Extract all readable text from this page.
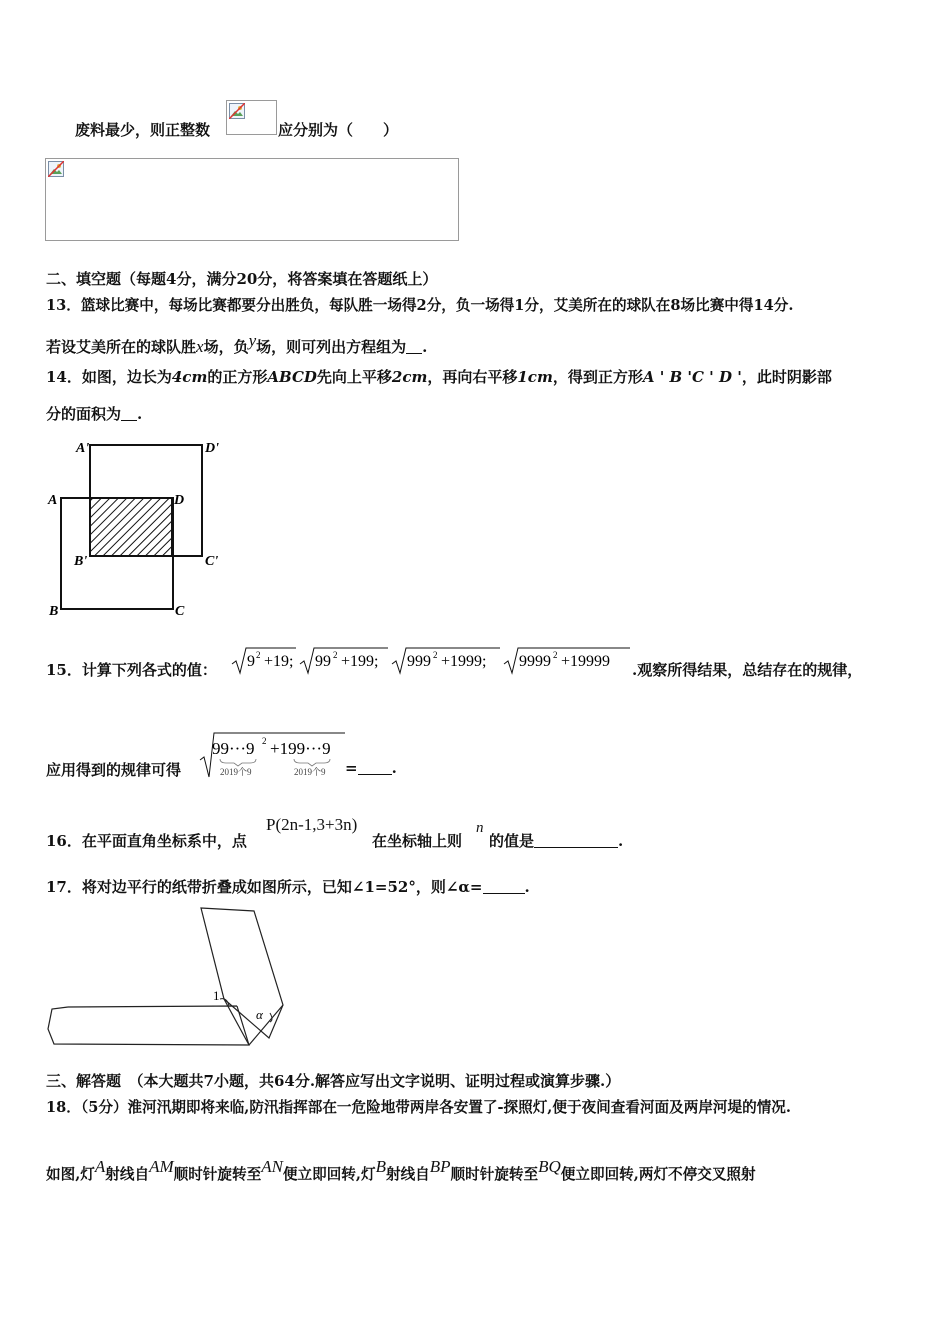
废料最少，则正整数	应分别为（　　）
二、填空题（每题4分，满分20分，将答案填在答题纸上）
13．篮球比赛中，每场比赛都要分出胜负，每队胜一场得2分，负一场得1分，艾美所在的球队在8场比赛中得14分.
若设艾美所在的球队胜x场，负y场，则可列出方程组为 .
14．如图，边长为4cm的正方形ABCD先向上平移2cm，再向右平移1cm，得到正方形A ' B 'C ' D '，此时阴影部
分的面积为 .
A'	D'
A	D
B'	C'
B	C
15．计算下列各式的值： 9 2 +19; 99 2 +199; 999 2 +1999; 9999 2 +19999 .观察所得结果，总结存在的规律，
应用得到的规律可得
99···9 2 +199···9
2019个9	2019个9 = .
16．在平面直角坐标系中，点
P(2n-1,3+3n)
在坐标轴上则
n
的值是	.
17．将对边平行的纸带折叠成如图所示，已知∠1=52°，则∠α=	.
1
α
三、解答题　（本大题共7小题，共64分.解答应写出文字说明、证明过程或演算步骤.）
18．（5分）淮河汛期即将来临,防汛指挥部在一危险地带两岸各安置了-探照灯,便于夜间查看河面及两岸河堤的情况.
如图,灯A射线自AM顺时针旋转至AN便立即回转,灯B射线自BP顺时针旋转至BQ便立即回转,两灯不停交叉照射
